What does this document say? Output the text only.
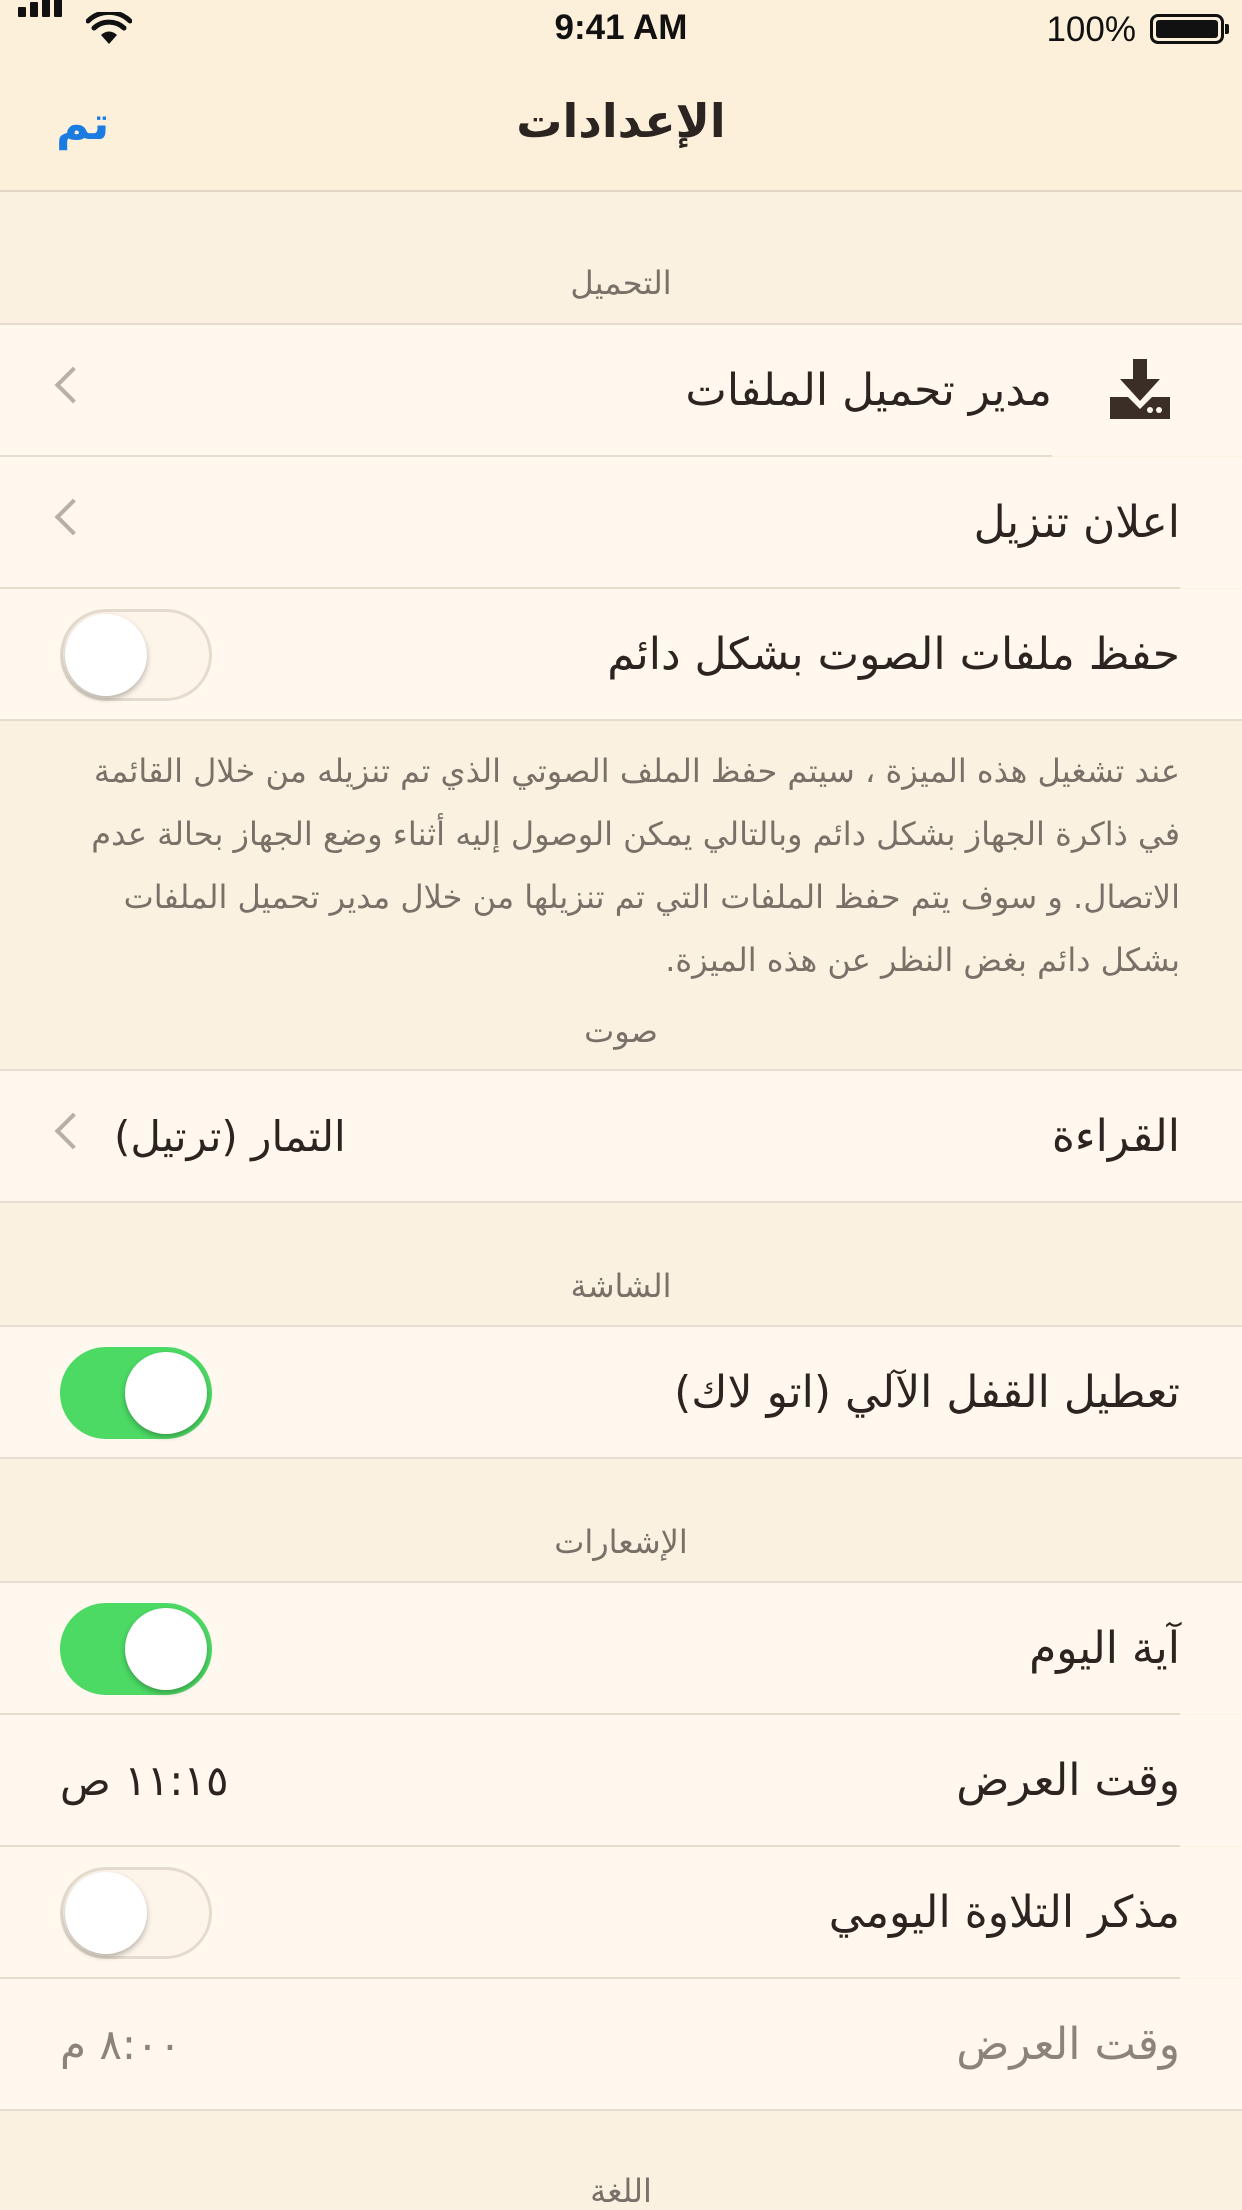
9:41 AM	100%
تم	الإعدادات
التحميل
مدير تحميل الملفات
اعلان تنزيل
حفظ ملفات الصوت بشكل دائم
عند تشغيل هذه الميزة ، سيتم حفظ الملف الصوتي الذي تم تنزيله من خلال القائمة في ذاكرة الجهاز بشكل دائم وبالتالي يمكن الوصول إليه أثناء وضع الجهاز بحالة عدم الاتصال. و سوف يتم حفظ الملفات التي تم تنزيلها من خلال مدير تحميل الملفات بشكل دائم بغض النظر عن هذه الميزة.
صوت
القراءة
التمار (ترتيل)
الشاشة
تعطيل القفل الآلي (اتو لاك)
الإشعارات
آية اليوم
وقت العرض
١١:١٥ ص
مذكر التلاوة اليومي
وقت العرض
٨:٠٠ م
اللغة
